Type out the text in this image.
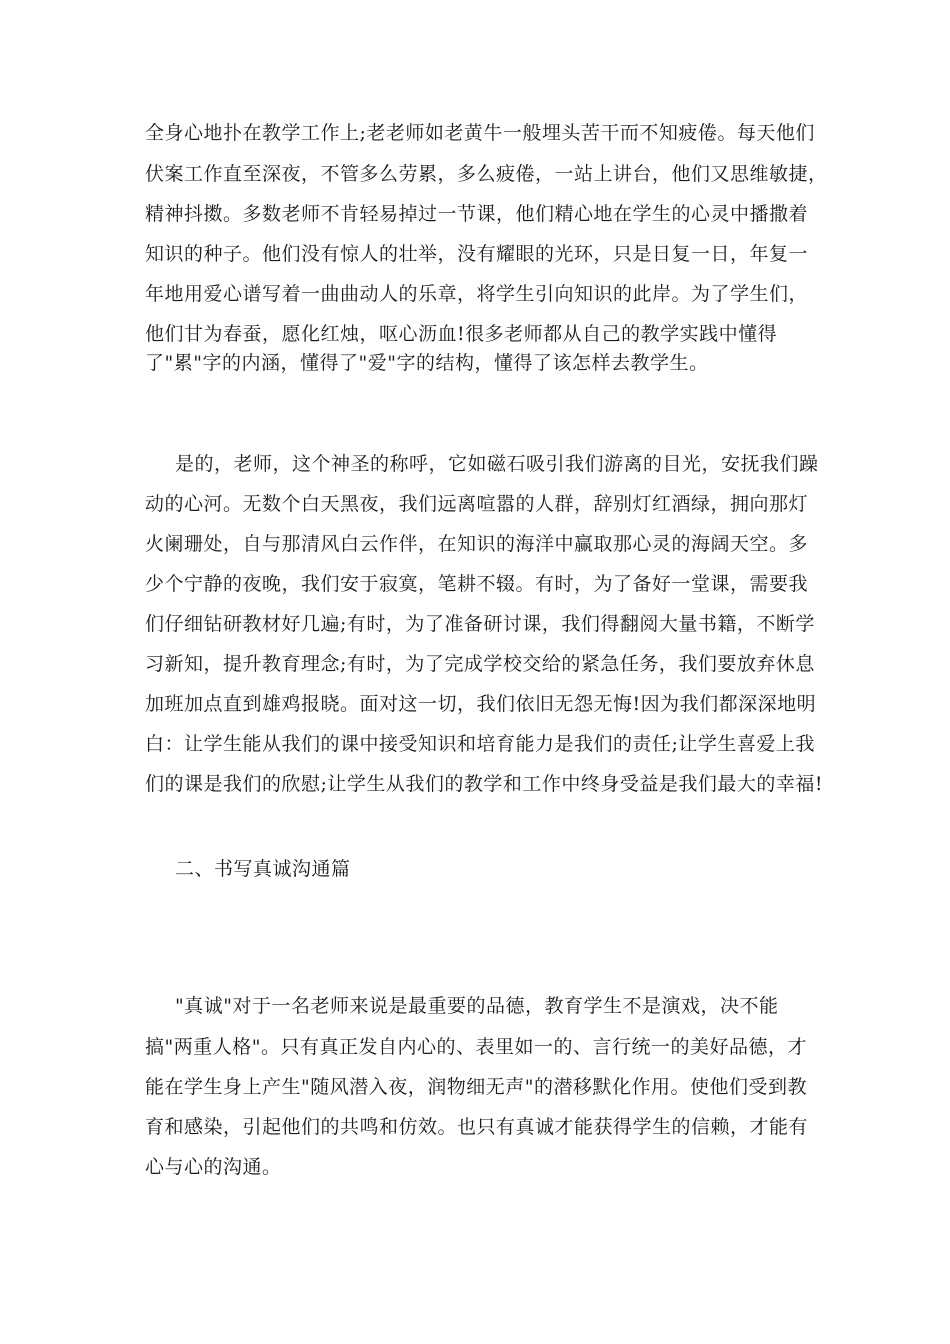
全身心地扑在教学工作上;老老师如老黄牛一般埋头苦干而不知疲倦。每天他们
伏案工作直至深夜，不管多么劳累，多么疲倦，一站上讲台，他们又思维敏捷，
精神抖擞。多数老师不肯轻易掉过一节课，他们精心地在学生的心灵中播撒着
知识的种子。他们没有惊人的壮举，没有耀眼的光环，只是日复一日，年复一
年地用爱心谱写着一曲曲动人的乐章，将学生引向知识的此岸。为了学生们，
他们甘为春蚕，愿化红烛，呕心沥血!很多老师都从自己的教学实践中懂得
了"累"字的内涵，懂得了"爱"字的结构，懂得了该怎样去教学生。
是的，老师，这个神圣的称呼，它如磁石吸引我们游离的目光，安抚我们躁
动的心河。无数个白天黑夜，我们远离喧嚣的人群，辞别灯红酒绿，拥向那灯
火阑珊处，自与那清风白云作伴，在知识的海洋中赢取那心灵的海阔天空。多
少个宁静的夜晚，我们安于寂寞，笔耕不辍。有时，为了备好一堂课，需要我
们仔细钻研教材好几遍;有时，为了准备研讨课，我们得翻阅大量书籍，不断学
习新知，提升教育理念;有时，为了完成学校交给的紧急任务，我们要放弃休息
加班加点直到雄鸡报晓。面对这一切，我们依旧无怨无悔!因为我们都深深地明
白：让学生能从我们的课中接受知识和培育能力是我们的责任;让学生喜爱上我
们的课是我们的欣慰;让学生从我们的教学和工作中终身受益是我们最大的幸福!
二、书写真诚沟通篇
"真诚"对于一名老师来说是最重要的品德，教育学生不是演戏，决不能
搞"两重人格"。只有真正发自内心的、表里如一的、言行统一的美好品德，才
能在学生身上产生"随风潜入夜，润物细无声"的潜移默化作用。使他们受到教
育和感染，引起他们的共鸣和仿效。也只有真诚才能获得学生的信赖，才能有
心与心的沟通。
